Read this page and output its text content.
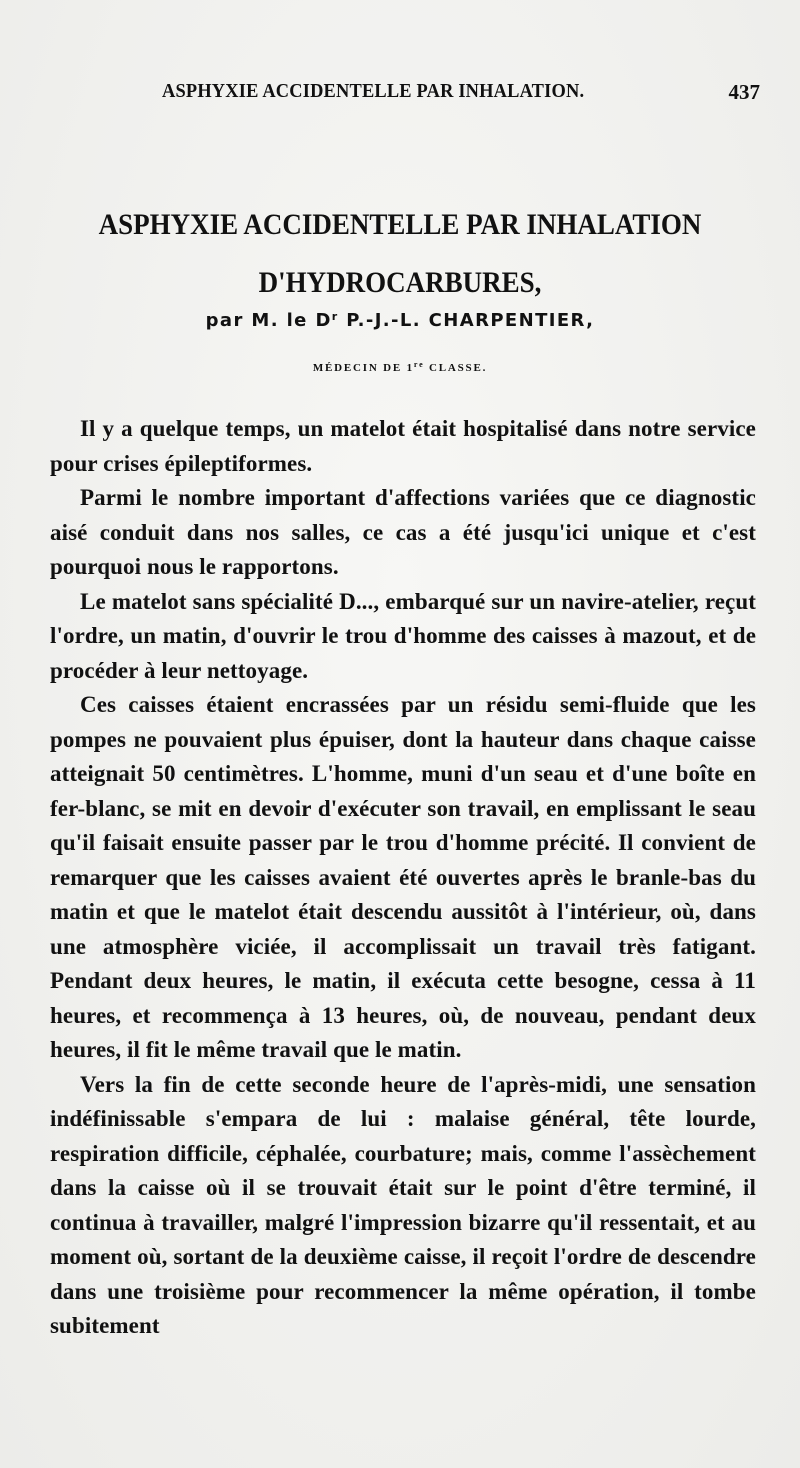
ASPHYXIE ACCIDENTELLE PAR INHALATION.	437
ASPHYXIE ACCIDENTELLE PAR INHALATION
D'HYDROCARBURES,
par M. le $D^r$ P.-J.-L. CHARPENTIER,
MÉDECIN DE 1re CLASSE.

Il y a quelque temps, un matelot était hospitalisé dans notre service pour crises épileptiformes.

Parmi le nombre important d'affections variées que ce diagnostic aisé conduit dans nos salles, ce cas a été jusqu'ici unique et c'est pourquoi nous le rapportons.

Le matelot sans spécialité D..., embarqué sur un navire-atelier, reçut l'ordre, un matin, d'ouvrir le trou d'homme des caisses à mazout, et de procéder à leur nettoyage.

Ces caisses étaient encrassées par un résidu semi-fluide que les pompes ne pouvaient plus épuiser, dont la hauteur dans chaque caisse atteignait 50 centimètres. L'homme, muni d'un seau et d'une boîte en fer-blanc, se mit en devoir d'exécuter son travail, en emplissant le seau qu'il faisait ensuite passer par le trou d'homme précité. Il convient de remarquer que les caisses avaient été ouvertes après le branle-bas du matin et que le matelot était descendu aussitôt à l'intérieur, où, dans une atmosphère viciée, il accomplissait un travail très fatigant. Pendant deux heures, le matin, il exécuta cette besogne, cessa à 11 heures, et recommença à 13 heures, où, de nouveau, pendant deux heures, il fit le même travail que le matin.

Vers la fin de cette seconde heure de l'après-midi, une sensation indéfinissable s'empara de lui : malaise général, tête lourde, respiration difficile, céphalée, courbature; mais, comme l'assèchement dans la caisse où il se trouvait était sur le point d'être terminé, il continua à travailler, malgré l'impression bizarre qu'il ressentait, et au moment où, sortant de la deuxième caisse, il reçoit l'ordre de descendre dans une troisième pour recommencer la même opération, il tombe subitement
